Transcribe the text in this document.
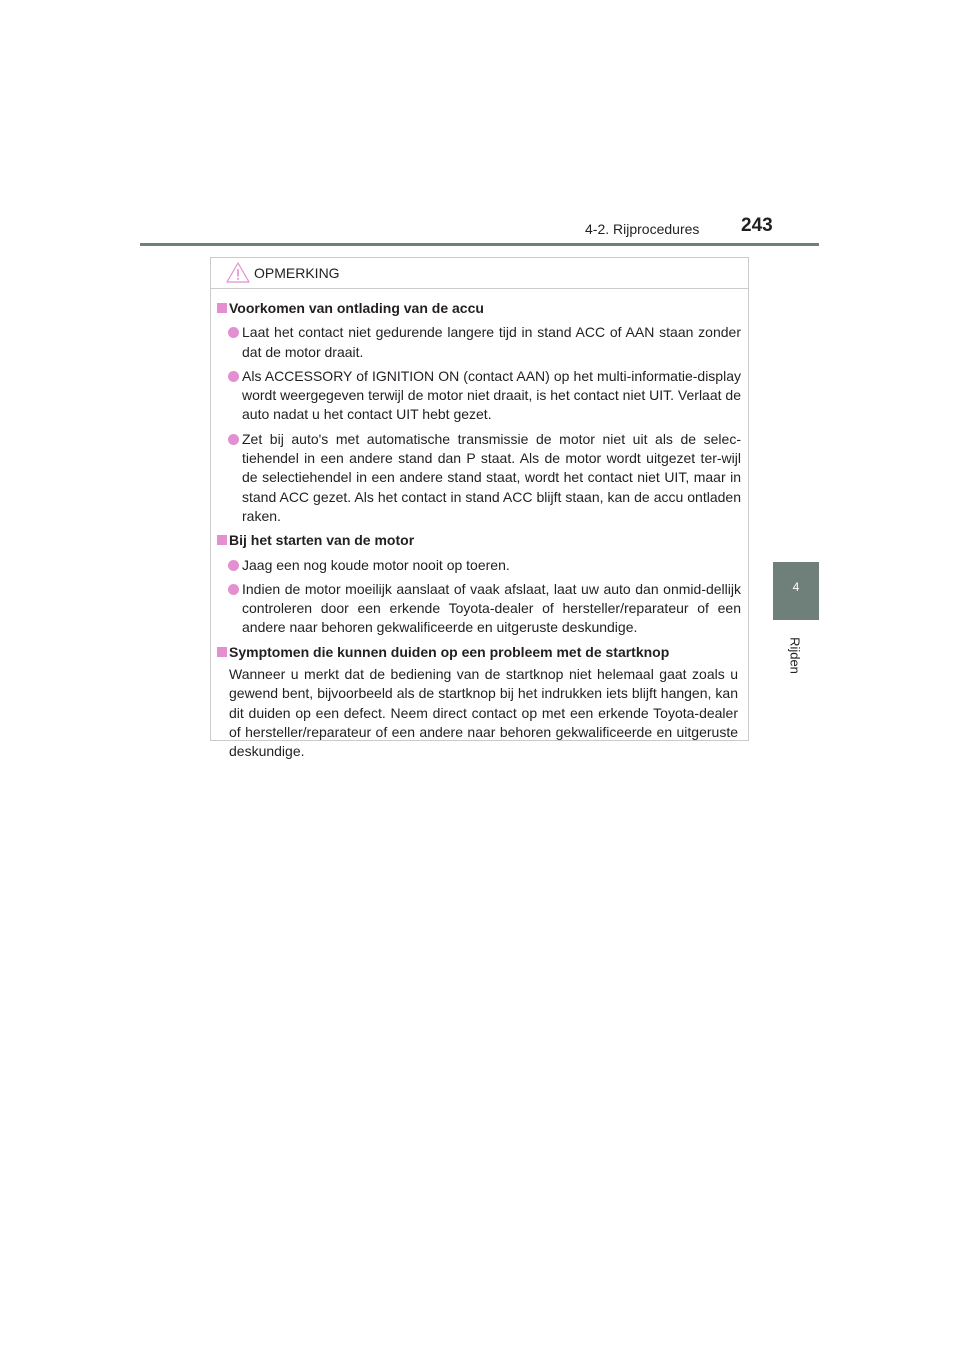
4-2. Rijprocedures 243
4
Rijden
OPMERKING
Voorkomen van ontlading van de accu
Laat het contact niet gedurende langere tijd in stand ACC of AAN staan zonder dat de motor draait.
Als ACCESSORY of IGNITION ON (contact AAN) op het multi-informatie-display wordt weergegeven terwijl de motor niet draait, is het contact niet UIT. Verlaat de auto nadat u het contact UIT hebt gezet.
Zet bij auto's met automatische transmissie de motor niet uit als de selec-tiehendel in een andere stand dan P staat. Als de motor wordt uitgezet ter-wijl de selectiehendel in een andere stand staat, wordt het contact niet UIT, maar in stand ACC gezet. Als het contact in stand ACC blijft staan, kan de accu ontladen raken.
Bij het starten van de motor
Jaag een nog koude motor nooit op toeren.
Indien de motor moeilijk aanslaat of vaak afslaat, laat uw auto dan onmid-dellijk controleren door een erkende Toyota-dealer of hersteller/reparateur of een andere naar behoren gekwalificeerde en uitgeruste deskundige.
Symptomen die kunnen duiden op een probleem met de startknop
Wanneer u merkt dat de bediening van de startknop niet helemaal gaat zoals u gewend bent, bijvoorbeeld als de startknop bij het indrukken iets blijft hangen, kan dit duiden op een defect. Neem direct contact op met een erkende Toyota-dealer of hersteller/reparateur of een andere naar behoren gekwalificeerde en uitgeruste deskundige.
